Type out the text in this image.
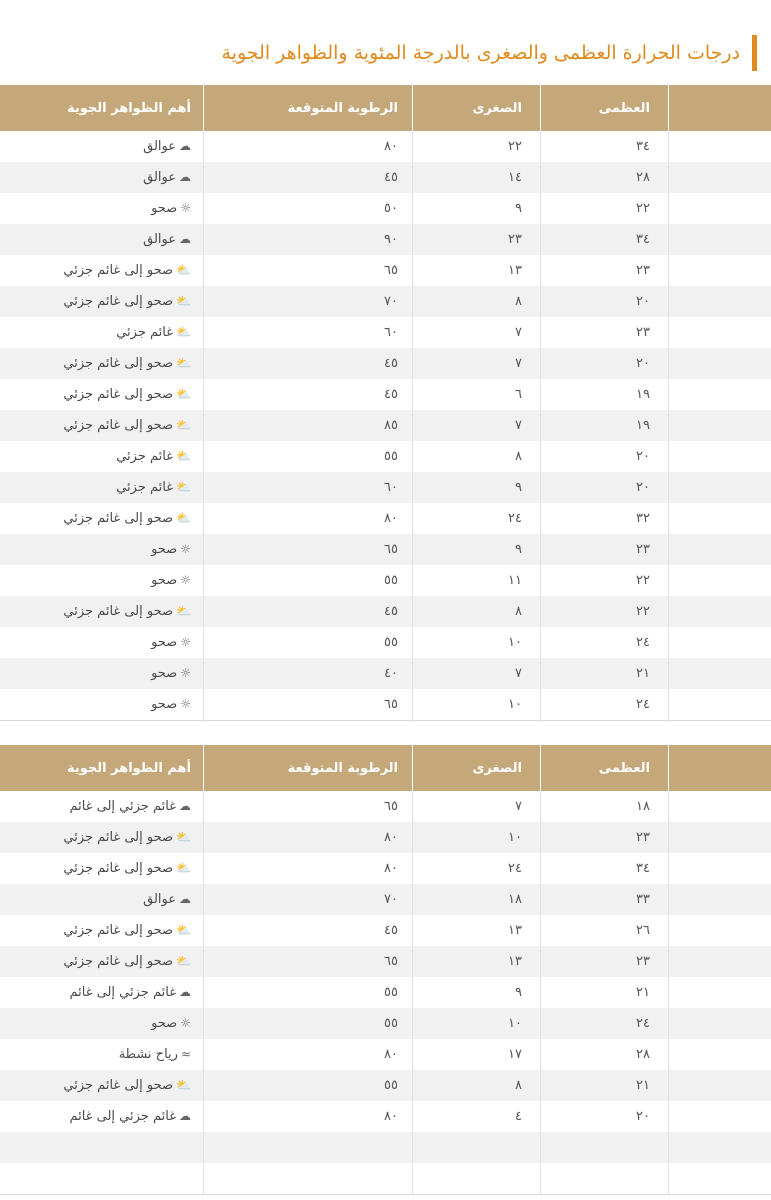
درجات الحرارة العظمى والصغرى بالدرجة المئوية والظواهر الجوية
	العظمى	الصغرى	الرطوبة المتوقعة	أهم الظواهر الجوية
	٣٤	٢٢	٨٠	☁عوالق
	٢٨	١٤	٤٥	☁عوالق
	٢٢	٩	٥٠	☼صحو
	٣٤	٢٣	٩٠	☁عوالق
	٢٣	١٣	٦٥	⛅صحو إلى غائم جزئي
	٢٠	٨	٧٠	⛅صحو إلى غائم جزئي
	٢٣	٧	٦٠	⛅غائم جزئي
	٢٠	٧	٤٥	⛅صحو إلى غائم جزئي
	١٩	٦	٤٥	⛅صحو إلى غائم جزئي
	١٩	٧	٨٥	⛅صحو إلى غائم جزئي
	٢٠	٨	٥٥	⛅غائم جزئي
	٢٠	٩	٦٠	⛅غائم جزئي
	٣٢	٢٤	٨٠	⛅صحو إلى غائم جزئي
	٢٣	٩	٦٥	☼صحو
	٢٢	١١	٥٥	☼صحو
	٢٢	٨	٤٥	⛅صحو إلى غائم جزئي
	٢٤	١٠	٥٥	☼صحو
	٢١	٧	٤٠	☼صحو
	٢٤	١٠	٦٥	☼صحو
	العظمى	الصغرى	الرطوبة المتوقعة	أهم الظواهر الجوية
	١٨	٧	٦٥	☁غائم جزئي إلى غائم
	٢٣	١٠	٨٠	⛅صحو إلى غائم جزئي
	٣٤	٢٤	٨٠	⛅صحو إلى غائم جزئي
	٣٣	١٨	٧٠	☁عوالق
	٢٦	١٣	٤٥	⛅صحو إلى غائم جزئي
	٢٣	١٣	٦٥	⛅صحو إلى غائم جزئي
	٢١	٩	٥٥	☁غائم جزئي إلى غائم
	٢٤	١٠	٥٥	☼صحو
	٢٨	١٧	٨٠	≈رياح نشطة
	٢١	٨	٥٥	⛅صحو إلى غائم جزئي
	٢٠	٤	٨٠	☁غائم جزئي إلى غائم
